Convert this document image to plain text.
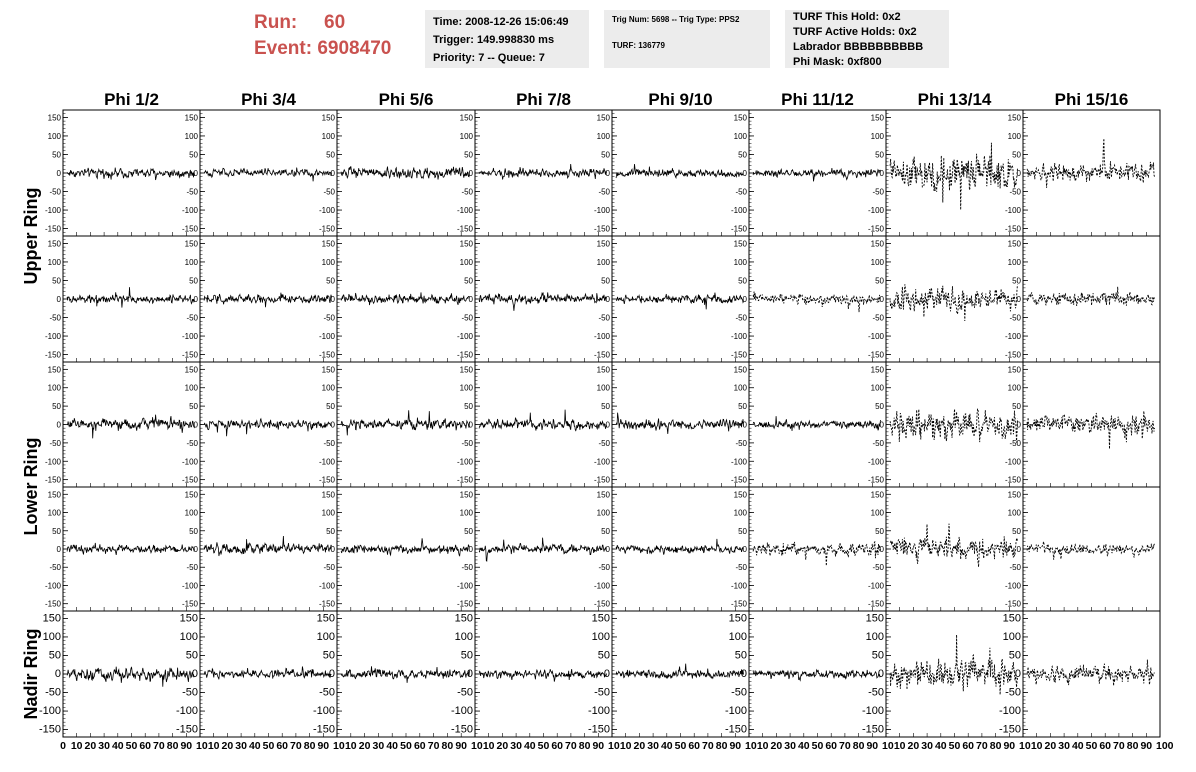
Run: 60
Event: 6908470
Time: 2008-12-26 15:06:49
Trigger: 149.998830 ms
Priority: 7 -- Queue: 7
Trig Num: 5698 -- Trig Type: PPS2
TURF: 136779
TURF This Hold: 0x2
TURF Active Holds: 0x2
Labrador BBBBBBBBBB
Phi Mask: 0xf800
Phi 1/2	Phi 3/4	Phi 5/6	Phi 7/8	Phi 9/10	Phi 11/12	Phi 13/14	Phi 15/16
Upper Ring
Lower Ring
Nadir Ring
-150
-100
-50
0
50
100
150
-150
-100
-50
0
50
100
150
-150
-100
-50
0
50
100
150
-150
-100
-50
0
50
100
150
-150
-100
-50
0
50
100
150
-150
-100
-50
0
50
100
150
-150
-100
-50
0
50
100
150
-150
-100
-50
0
50
100
150
-150
-100
-50
0
50
100
150
-150
-100
-50
0
50
100
150
-150
-100
-50
0
50
100
150
-150
-100
-50
0
50
100
150
-150
-100
-50
0
50
100
150
-150
-100
-50
0
50
100
150
-150
-100
-50
0
50
100
150
-150
-100
-50
0
50
100
150
-150
-100
-50
0
50
100
150
-150
-100
-50
0
50
100
150
-150
-100
-50
0
50
100
150
-150
-100
-50
0
50
100
150
-150
-100
-50
0
50
100
150
-150
-100
-50
0
50
100
150
-150
-100
-50
0
50
100
150
-150
-100
-50
0
50
100
150
-150
-100
-50
0
50
100
150
-150
-100
-50
0
50
100
150
-150
-100
-50
0
50
100
150
-150
-100
-50
0
50
100
150
-150
-100
-50
0
50
100
150
-150
-100
-50
0
50
100
150
-150
-100
-50
0
50
100
150
-150
-100
-50
0
50
100
150
-150
-100
-50
0
50
100
150
-150
-100
-50
0
50
100
150
-150
-100
-50
0
50
100
150
-150
-100
-50
0
50
100
150
-150
-100
-50
0
50
100
150
-150
-100
-50
0
50
100
150
-150
-100
-50
0
50
100
150
-150
-100
-50
0
50
100
150
0 10 20 30 40 50 60 70 80 90 10 10 20 30 40 50 60 70 80 90 10 10 20 30 40 50 60 70 80 90 10 10 20 30 40 50 60 70 80 90 10 10 20 30 40 50 60 70 80 90 10 10 20 30 40 50 60 70 80 90 10 10 20 30 40 50 60 70 80 90 10 10 20 30 40 50 60 70 80 90 100
